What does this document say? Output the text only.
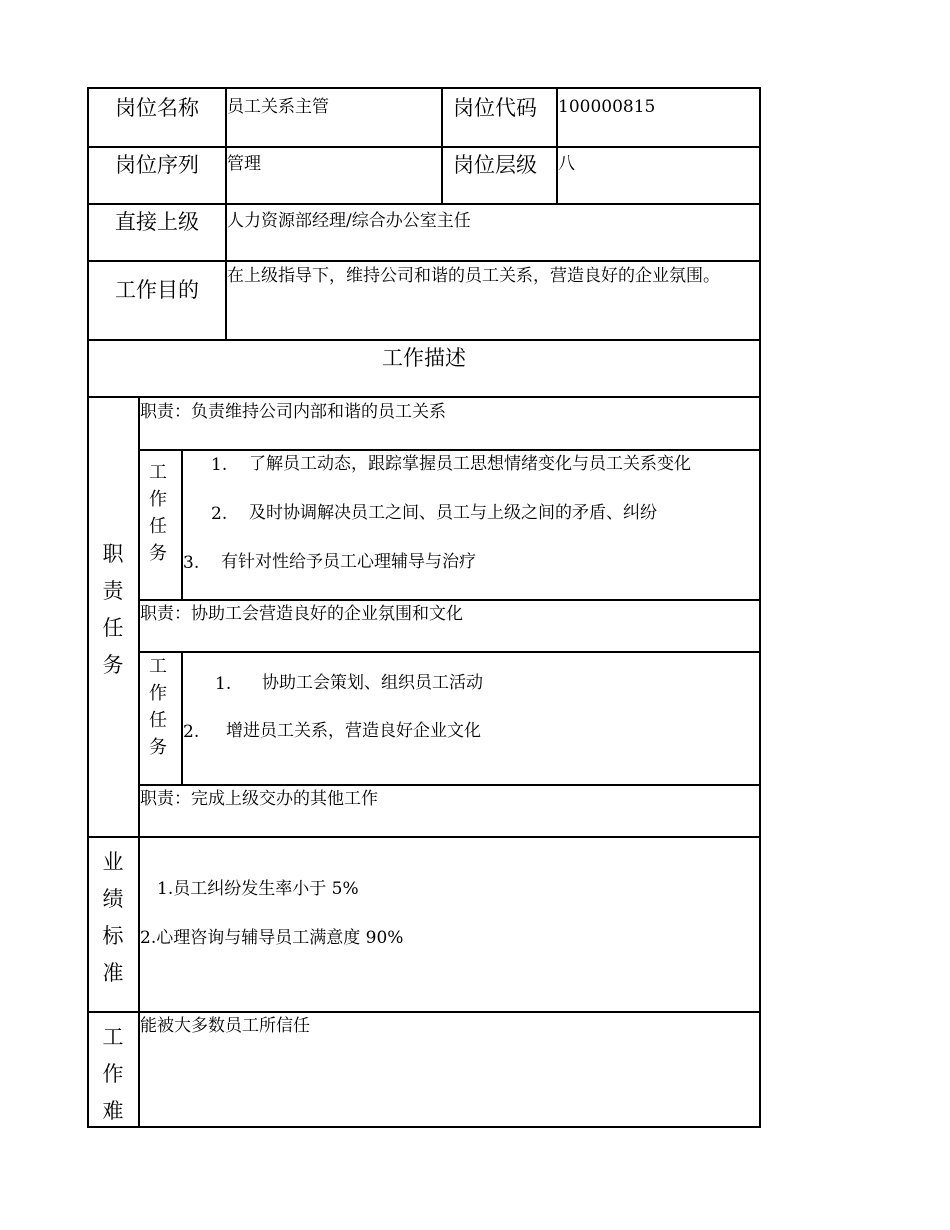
岗位名称 员工关系主管	岗位代码 100000815
岗位序列 管理	岗位层级 八
直接上级 人力资源部经理/综合办公室主任
工作目的
在上级指导下，维持公司和谐的员工关系，营造良好的企业氛围。
工作描述
职
责
任
务
职责：负责维持公司内部和谐的员工关系
工
作
任
务
1. 了解员工动态，跟踪掌握员工思想情绪变化与员工关系变化
2. 及时协调解决员工之间、员工与上级之间的矛盾、纠纷
3. 有针对性给予员工心理辅导与治疗
职责：协助工会营造良好的企业氛围和文化
工
作
任
务
1. 协助工会策划、组织员工活动
2. 增进员工关系，营造良好企业文化
职责：完成上级交办的其他工作
业
绩
标
准
1.员工纠纷发生率小于 5%
2.心理咨询与辅导员工满意度 90%
工
作
难
能被大多数员工所信任
